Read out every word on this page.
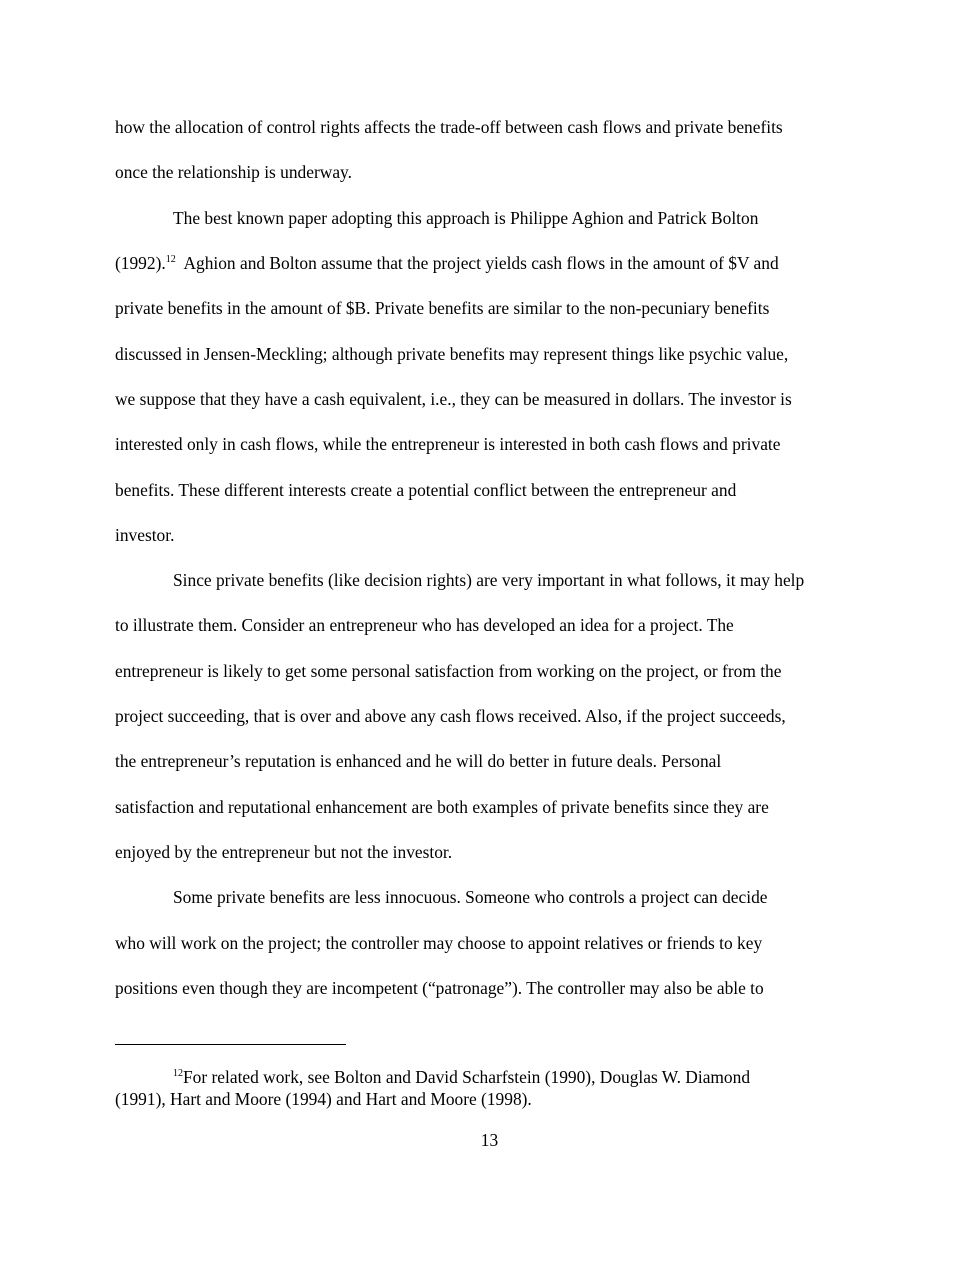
how the allocation of control rights affects the trade-off between cash flows and private benefits
once the relationship is underway.
The best known paper adopting this approach is Philippe Aghion and Patrick Bolton
(1992).$^{12}$  Aghion and Bolton assume that the project yields cash flows in the amount of $V and
private benefits in the amount of $B. Private benefits are similar to the non-pecuniary benefits
discussed in Jensen-Meckling; although private benefits may represent things like psychic value,
we suppose that they have a cash equivalent, i.e., they can be measured in dollars. The investor is
interested only in cash flows, while the entrepreneur is interested in both cash flows and private
benefits. These different interests create a potential conflict between the entrepreneur and
investor.
Since private benefits (like decision rights) are very important in what follows, it may help
to illustrate them. Consider an entrepreneur who has developed an idea for a project. The
entrepreneur is likely to get some personal satisfaction from working on the project, or from the
project succeeding, that is over and above any cash flows received. Also, if the project succeeds,
the entrepreneur’s reputation is enhanced and he will do better in future deals. Personal
satisfaction and reputational enhancement are both examples of private benefits since they are
enjoyed by the entrepreneur but not the investor.
Some private benefits are less innocuous. Someone who controls a project can decide
who will work on the project; the controller may choose to appoint relatives or friends to key
positions even though they are incompetent (“patronage”). The controller may also be able to
$^{12}$For related work, see Bolton and David Scharfstein (1990), Douglas W. Diamond
(1991), Hart and Moore (1994) and Hart and Moore (1998).
13
